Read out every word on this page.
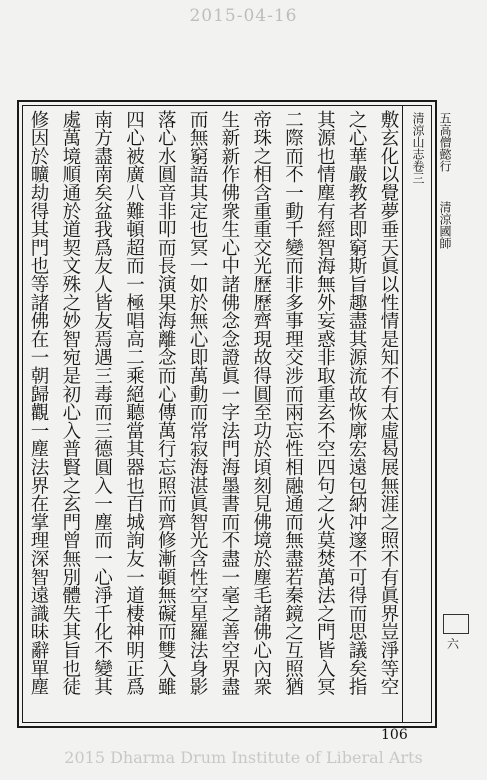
2015-04-16
清涼山志卷三 五高僧懿行
清涼國師
敷玄化以覺夢垂天眞以性情是知不有太虛曷展無涯之照不有眞界豈淨等空
之心華嚴教者即窮斯旨趣盡其源流故恢廓宏遠包納冲邃不可得而思議矣指
其源也情塵有經智海無外妄惑非取重玄不空四句之火莫焚萬法之門皆入冥
二際而不一動千變而非多事理交涉而兩忘性相融通而無盡若秦鏡之互照猶
帝珠之相含重重交光歷歷齊現故得圓至功於頃刻見佛境於塵毛諸佛心內衆
生新新作佛衆生心中諸佛念念證眞一字法門海墨書而不盡一毫之善空界盡
而無窮語其定也冥一如於無心即萬動而常寂海湛眞智光含性空星羅法身影
落心水圓音非叩而長演果海離念而心傳萬行忘照而齊修漸頓無礙而雙入雖
四心被廣八難頓超而一極唱高二乘絕聽當其器也百城詢友一道棲神明正爲
南方盡南矣盆我爲友人皆友焉遇三毒而三德圓入一塵而一心淨千化不變其
處萬境順通於道契文殊之妙智宛是初心入普賢之玄門曾無別體失其旨也徒
修因於曠劫得其門也等諸佛在一朝歸觀一塵法界在掌理深智遠識昧辭單塵	六
106
2015 Dharma Drum Institute of Liberal Arts
